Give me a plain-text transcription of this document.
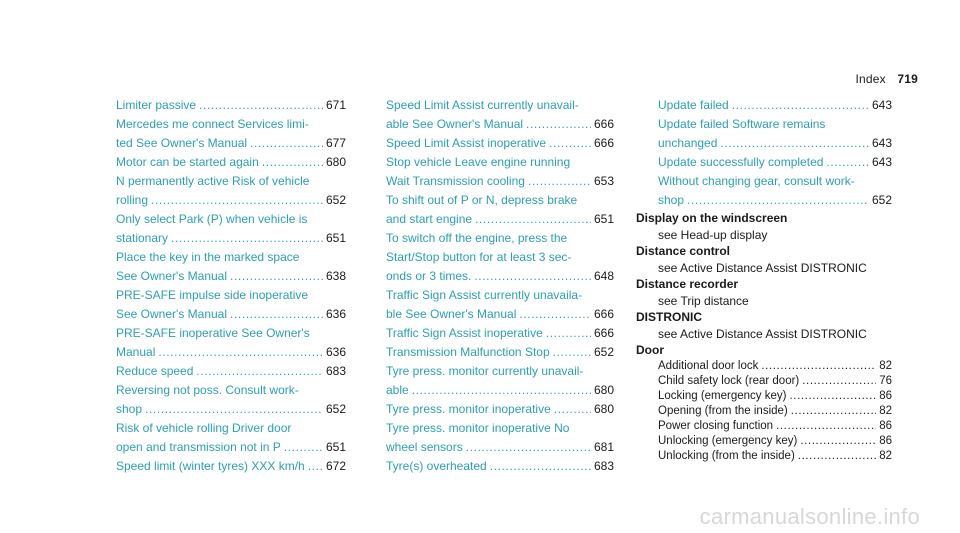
Index 719
Limiter passive .....	671
Mercedes me connect Services limi-
ted See Owner's Manual .....	677
Motor can be started again .....	680
N permanently active Risk of vehicle
rolling .....	652
Only select Park (P) when vehicle is
stationary .....	651
Place the key in the marked space
See Owner's Manual .....	638
PRE-SAFE impulse side inoperative
See Owner's Manual .....	636
PRE-SAFE inoperative See Owner's
Manual .....	636
Reduce speed .....	683
Reversing not poss. Consult work-
shop .....	652
Risk of vehicle rolling Driver door
open and transmission not in P .....	651
Speed limit (winter tyres) XXX km/h ..... 672
Speed Limit Assist currently unavail-
able See Owner's Manual .....	666
Speed Limit Assist inoperative .....	666
Stop vehicle Leave engine running
Wait Transmission cooling .....	653
To shift out of P or N, depress brake
and start engine .....	651
To switch off the engine, press the
Start/Stop button for at least 3 sec-
onds or 3 times. .....	648
Traffic Sign Assist currently unavaila-
ble See Owner's Manual .....	666
Traffic Sign Assist inoperative .....	666
Transmission Malfunction Stop .....	652
Tyre press. monitor currently unavail-
able .....	680
Tyre press. monitor inoperative .....	680
Tyre press. monitor inoperative No
wheel sensors .....	681
Tyre(s) overheated .....	683
Update failed .....	643
Update failed Software remains
unchanged .....	643
Update successfully completed .....	643
Without changing gear, consult work-
shop .....	652
Display on the windscreen
see Head-up display
Distance control
see Active Distance Assist DISTRONIC
Distance recorder
see Trip distance
DISTRONIC
see Active Distance Assist DISTRONIC
Door
Additional door lock .....	82
Child safety lock (rear door) .....	76
Locking (emergency key) .....	86
Opening (from the inside) .....	82
Power closing function .....	86
Unlocking (emergency key) .....	86
Unlocking (from the inside) .....	82
carmanualsonline.info
